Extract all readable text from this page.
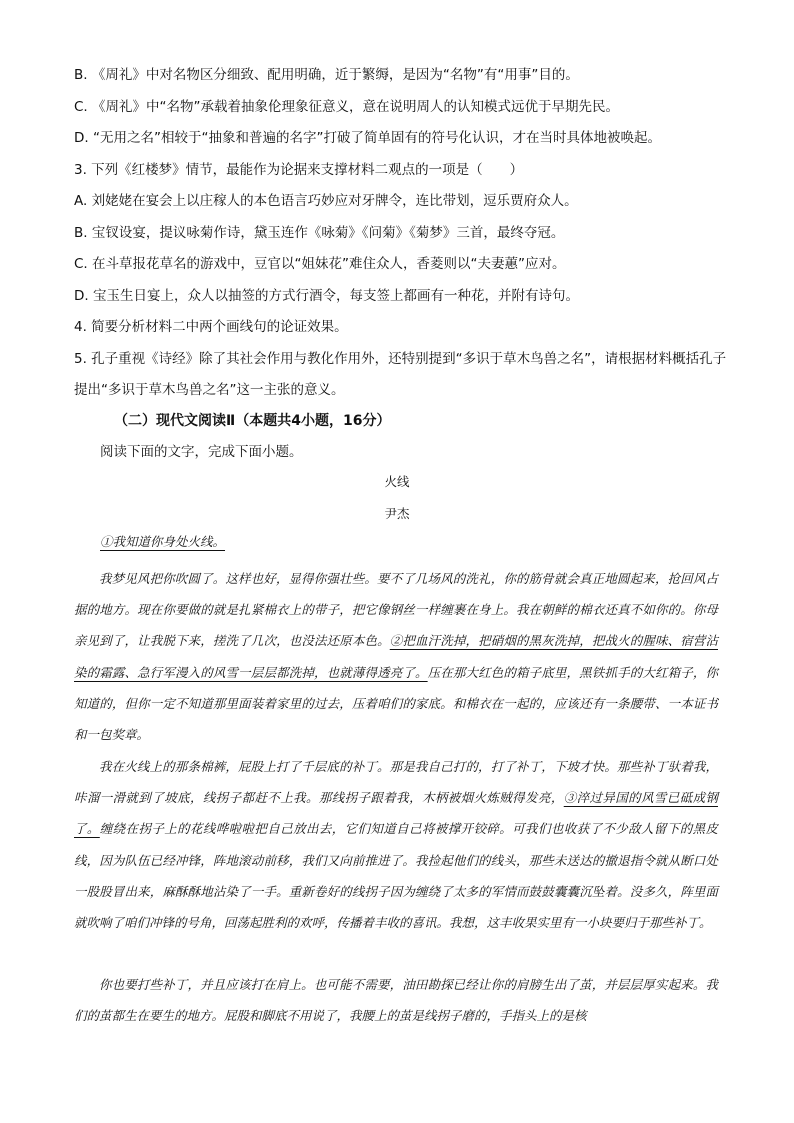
B. 《周礼》中对名物区分细致、配用明确，近于繁缛，是因为“名物”有“用事”目的。
C. 《周礼》中“名物”承载着抽象伦理象征意义，意在说明周人的认知模式远优于早期先民。
D. “无用之名”相较于“抽象和普遍的名字”打破了简单固有的符号化认识，才在当时具体地被唤起。
3. 下列《红楼梦》情节，最能作为论据来支撑材料二观点的一项是（　　）
A. 刘姥姥在宴会上以庄稼人的本色语言巧妙应对牙牌令，连比带划，逗乐贾府众人。
B. 宝钗设宴，提议咏菊作诗，黛玉连作《咏菊》《问菊》《菊梦》三首，最终夺冠。
C. 在斗草报花草名的游戏中，豆官以“姐妹花”难住众人，香菱则以“夫妻蕙”应对。
D. 宝玉生日宴上，众人以抽签的方式行酒令，每支签上都画有一种花，并附有诗句。
4. 简要分析材料二中两个画线句的论证效果。
5. 孔子重视《诗经》除了其社会作用与教化作用外，还特别提到“多识于草木鸟兽之名”，请根据材料概括孔子提出“多识于草木鸟兽之名”这一主张的意义。
（二）现代文阅读Ⅱ（本题共4小题，16分）
阅读下面的文字，完成下面小题。
火线
尹杰
①我知道你身处火线。
我梦见风把你吹圆了。这样也好，显得你强壮些。要不了几场风的洗礼，你的筋骨就会真正地圆起来，抢回风占据的地方。现在你要做的就是扎紧棉衣上的带子，把它像钢丝一样缠裹在身上。我在朝鲜的棉衣还真不如你的。你母亲见到了，让我脱下来，搓洗了几次，也没法还原本色。②把血汗洗掉，把硝烟的黑灰洗掉，把战火的腥味、宿营沾染的霜露、急行军漫入的风雪一层层都洗掉，也就薄得透亮了。压在那大红色的箱子底里，黑铁抓手的大红箱子，你知道的，但你一定不知道那里面装着家里的过去，压着咱们的家底。和棉衣在一起的，应该还有一条腰带、一本证书和一包奖章。
我在火线上的那条棉裤，屁股上打了千层底的补丁。那是我自己打的，打了补丁，下坡才快。那些补丁驮着我，咔溜一滑就到了坡底，线拐子都赶不上我。那线拐子跟着我，木柄被烟火炼贼得发亮，③淬过异国的风雪已砥成钢了。缠绕在拐子上的花线哗啦啦把自己放出去，它们知道自己将被撑开铰碎。可我们也收获了不少敌人留下的黑皮线，因为队伍已经冲锋，阵地滚动前移，我们又向前推进了。我捡起他们的线头，那些未送达的撤退指令就从断口处一股股冒出来，麻酥酥地沾染了一手。重新卷好的线拐子因为缠绕了太多的军情而鼓鼓囊囊沉坠着。没多久，阵里面就吹响了咱们冲锋的号角，回荡起胜利的欢呼，传播着丰收的喜讯。我想，这丰收果实里有一小块要归于那些补丁。
你也要打些补丁，并且应该打在肩上。也可能不需要，油田勘探已经让你的肩膀生出了茧，并层层厚实起来。我们的茧都生在要生的地方。屁股和脚底不用说了，我腰上的茧是线拐子磨的，手指头上的是核
